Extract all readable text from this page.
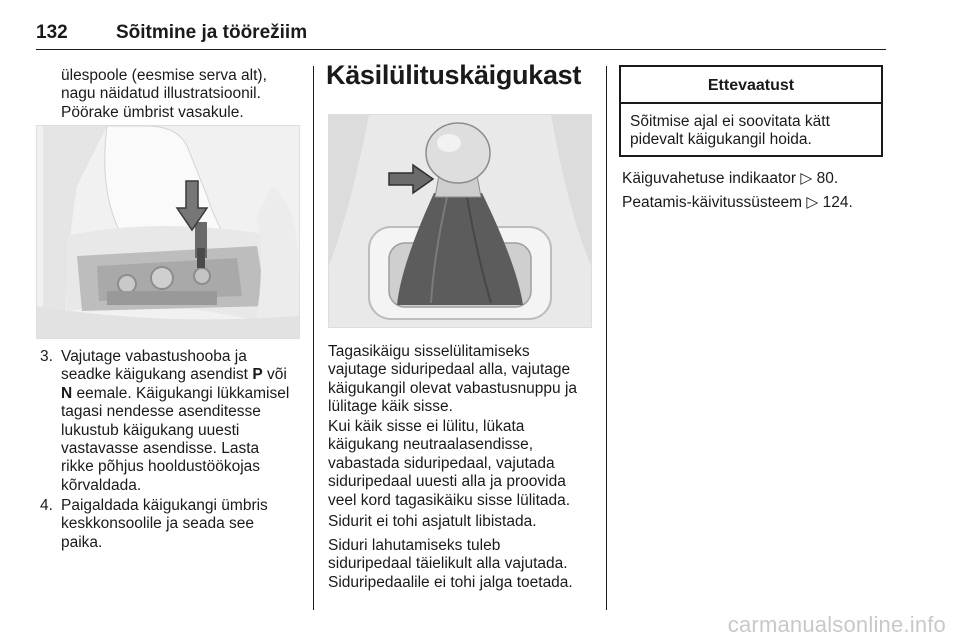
132	Sõitmine ja töörežiim

ülespoole (eesmise serva alt),
nagu näidatud illustratsioonil.
Pöörake ümbrist vasakule.

3. Vajutage vabastushooba ja
seadke käigukang asendist P või
N eemale. Käigukangi lükkamisel
tagasi nendesse asenditesse
lukustub käigukang uuesti
vastavasse asendisse. Lasta
rikke põhjus hooldustöökojas
kõrvaldada.
4. Paigaldada käigukangi ümbris
keskkonsoolile ja seada see
paika.
Käsilülituskäigukast

Tagasikäigu sisselülitamiseks
vajutage siduripedaal alla, vajutage
käigukangil olevat vabastusnuppu ja
lülitage käik sisse.

Kui käik sisse ei lülitu, lükata
käigukang neutraalasendisse,
vabastada siduripedaal, vajutada
siduripedaal uuesti alla ja proovida
veel kord tagasikäiku sisse lülitada.

Sidurit ei tohi asjatult libistada.

Siduri lahutamiseks tuleb
siduripedaal täielikult alla vajutada.
Siduripedaalile ei tohi jalga toetada.

Ettevaatust
Sõitmise ajal ei soovitata kätt
pidevalt käigukangil hoida.
Käiguvahetuse indikaator ▷ 80.
Peatamis-käivitussüsteem ▷ 124.
carmanualsonline.info
